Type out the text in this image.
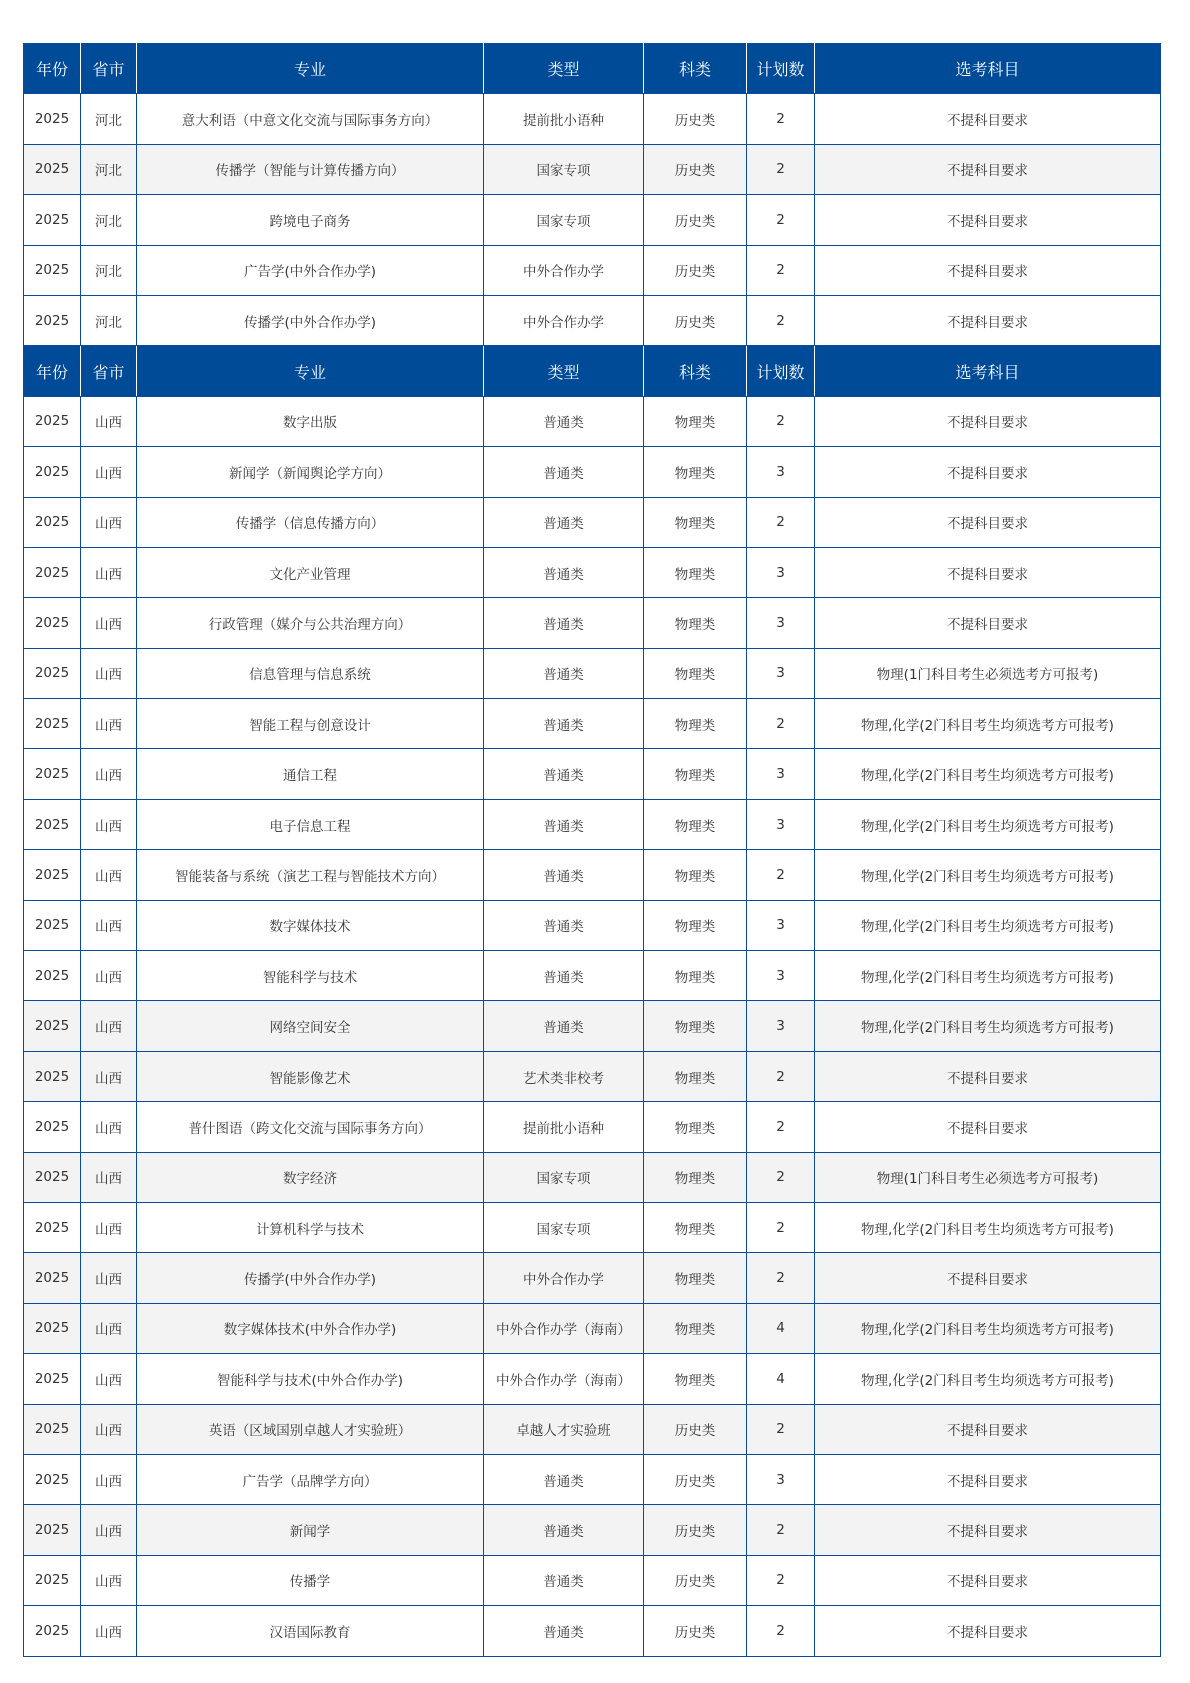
年份	省市	专业	类型	科类	计划数	选考科目
2025	河北	意大利语（中意文化交流与国际事务方向）	提前批小语种	历史类	2	不提科目要求
2025	河北	传播学（智能与计算传播方向）	国家专项	历史类	2	不提科目要求
2025	河北	跨境电子商务	国家专项	历史类	2	不提科目要求
2025	河北	广告学(中外合作办学)	中外合作办学	历史类	2	不提科目要求
2025	河北	传播学(中外合作办学)	中外合作办学	历史类	2	不提科目要求
年份	省市	专业	类型	科类	计划数	选考科目
2025	山西	数字出版	普通类	物理类	2	不提科目要求
2025	山西	新闻学（新闻舆论学方向）	普通类	物理类	3	不提科目要求
2025	山西	传播学（信息传播方向）	普通类	物理类	2	不提科目要求
2025	山西	文化产业管理	普通类	物理类	3	不提科目要求
2025	山西	行政管理（媒介与公共治理方向）	普通类	物理类	3	不提科目要求
2025	山西	信息管理与信息系统	普通类	物理类	3	物理(1门科目考生必须选考方可报考)
2025	山西	智能工程与创意设计	普通类	物理类	2	物理,化学(2门科目考生均须选考方可报考)
2025	山西	通信工程	普通类	物理类	3	物理,化学(2门科目考生均须选考方可报考)
2025	山西	电子信息工程	普通类	物理类	3	物理,化学(2门科目考生均须选考方可报考)
2025	山西	智能装备与系统（演艺工程与智能技术方向）	普通类	物理类	2	物理,化学(2门科目考生均须选考方可报考)
2025	山西	数字媒体技术	普通类	物理类	3	物理,化学(2门科目考生均须选考方可报考)
2025	山西	智能科学与技术	普通类	物理类	3	物理,化学(2门科目考生均须选考方可报考)
2025	山西	网络空间安全	普通类	物理类	3	物理,化学(2门科目考生均须选考方可报考)
2025	山西	智能影像艺术	艺术类非校考	物理类	2	不提科目要求
2025	山西	普什图语（跨文化交流与国际事务方向）	提前批小语种	物理类	2	不提科目要求
2025	山西	数字经济	国家专项	物理类	2	物理(1门科目考生必须选考方可报考)
2025	山西	计算机科学与技术	国家专项	物理类	2	物理,化学(2门科目考生均须选考方可报考)
2025	山西	传播学(中外合作办学)	中外合作办学	物理类	2	不提科目要求
2025	山西	数字媒体技术(中外合作办学)	中外合作办学（海南）	物理类	4	物理,化学(2门科目考生均须选考方可报考)
2025	山西	智能科学与技术(中外合作办学)	中外合作办学（海南）	物理类	4	物理,化学(2门科目考生均须选考方可报考)
2025	山西	英语（区域国别卓越人才实验班）	卓越人才实验班	历史类	2	不提科目要求
2025	山西	广告学（品牌学方向）	普通类	历史类	3	不提科目要求
2025	山西	新闻学	普通类	历史类	2	不提科目要求
2025	山西	传播学	普通类	历史类	2	不提科目要求
2025	山西	汉语国际教育	普通类	历史类	2	不提科目要求
